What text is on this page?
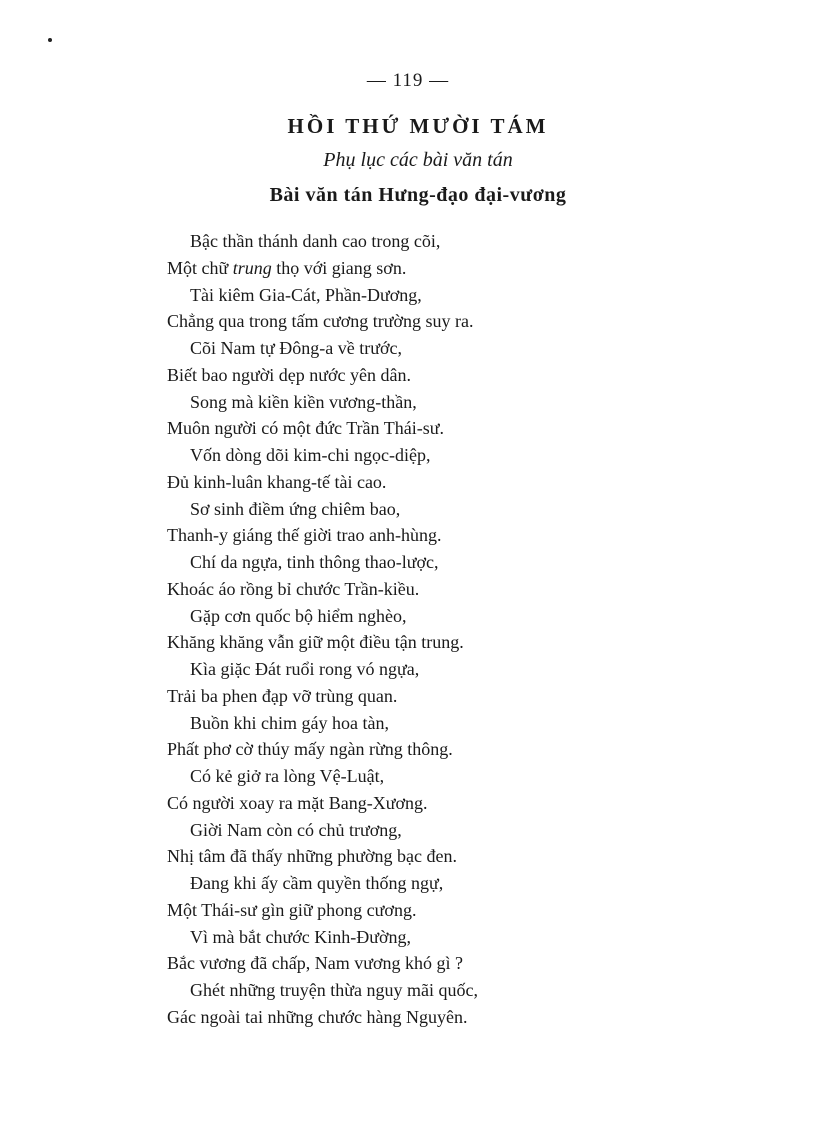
— 119 —
HỒI THỨ MƯỜI TÁM
Phụ lục các bài văn tán
Bài văn tán Hưng-đạo đại-vương
Bậc thần thánh danh cao trong cõi,
Một chữ trung thọ với giang sơn.
Tài kiêm Gia-Cát, Phần-Dương,
Chẳng qua trong tấm cương trường suy ra.
Cõi Nam tự Đông-a về trước,
Biết bao người dẹp nước yên dân.
Song mà kiền kiền vương-thần,
Muôn người có một đức Trần Thái-sư.
Vốn dòng dõi kim-chi ngọc-diệp,
Đủ kinh-luân khang-tế tài cao.
Sơ sinh điềm ứng chiêm bao,
Thanh-y giáng thế giời trao anh-hùng.
Chí da ngựa, tinh thông thao-lược,
Khoác áo rồng bỉ chước Trần-kiều.
Gặp cơn quốc bộ hiểm nghèo,
Khăng khăng vẫn giữ một điều tận trung.
Kìa giặc Đát ruổi rong vó ngựa,
Trải ba phen đạp vỡ trùng quan.
Buồn khi chim gáy hoa tàn,
Phất phơ cờ thúy mấy ngàn rừng thông.
Có kẻ giở ra lòng Vệ-Luật,
Có người xoay ra mặt Bang-Xương.
Giời Nam còn có chủ trương,
Nhị tâm đã thấy những phường bạc đen.
Đang khi ấy cầm quyền thống ngự,
Một Thái-sư gìn giữ phong cương.
Vì mà bắt chước Kinh-Đường,
Bắc vương đã chấp, Nam vương khó gì ?
Ghét những truyện thừa nguy mãi quốc,
Gác ngoài tai những chước hàng Nguyên.
